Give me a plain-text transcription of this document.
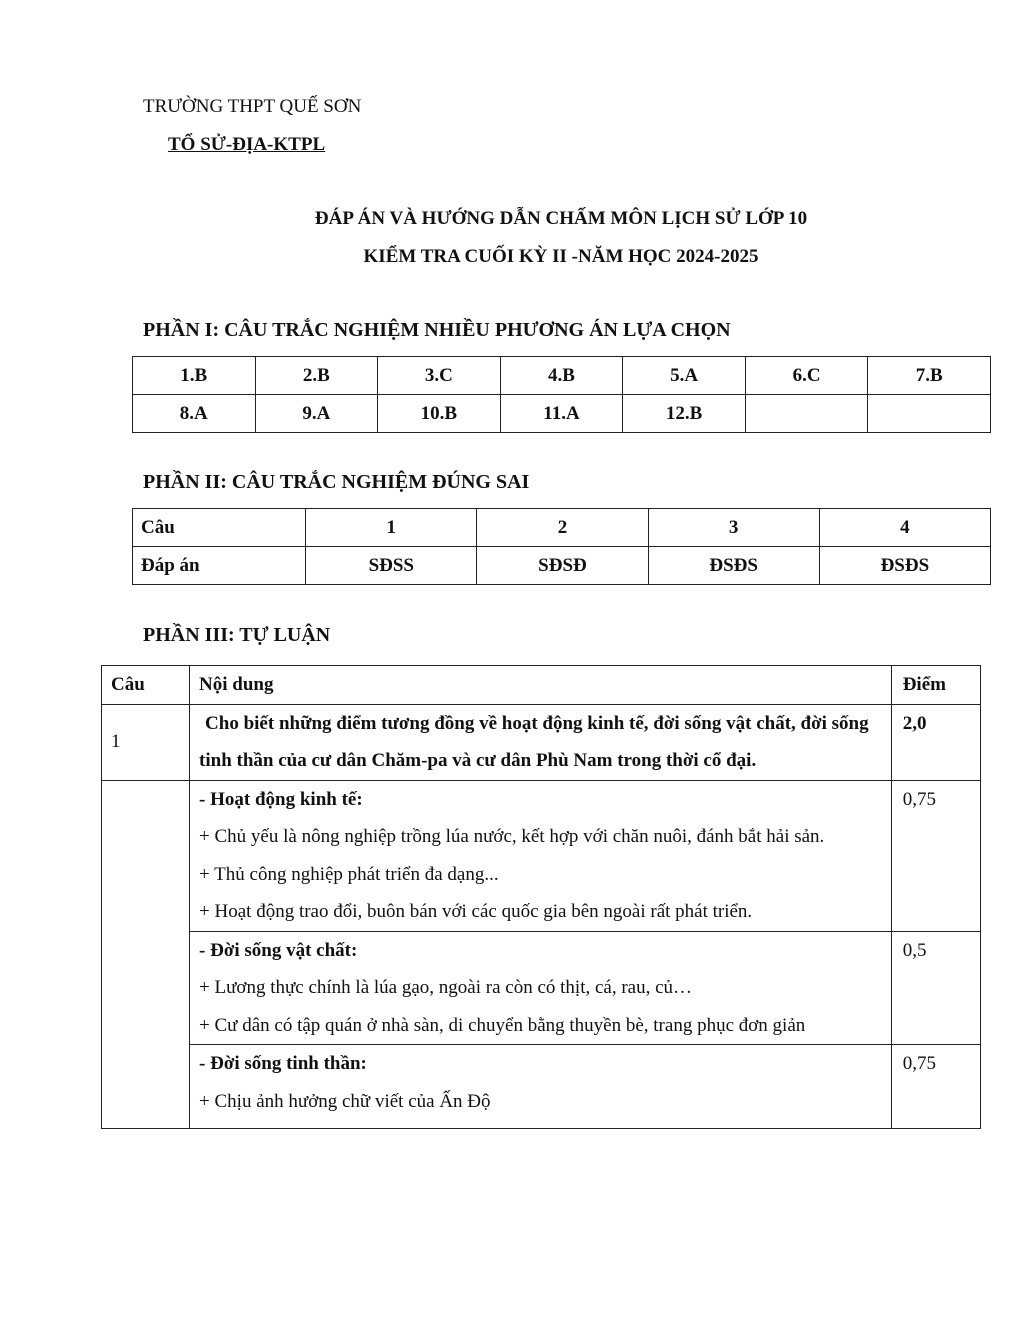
TRƯỜNG THPT QUẾ SƠN
TỔ SỬ-ĐỊA-KTPL
ĐÁP ÁN VÀ HƯỚNG DẪN CHẤM MÔN LỊCH SỬ LỚP 10
KIỂM TRA CUỐI KỲ II -NĂM HỌC 2024-2025
PHẦN I: CÂU TRẮC NGHIỆM NHIỀU PHƯƠNG ÁN LỰA CHỌN
1.B	2.B	3.C	4.B	5.A	6.C	7.B
8.A	9.A	10.B	11.A	12.B		
PHẦN II: CÂU TRẮC NGHIỆM ĐÚNG SAI
Câu	1	2	3	4
Đáp án	SĐSS	SĐSĐ	ĐSĐS	ĐSĐS
PHẦN III: TỰ LUẬN
Câu	Nội dung	Điểm
1	Cho biết những điểm tương đồng về hoạt động kinh tế, đời sống vật chất, đời sống tinh thần của cư dân Chăm-pa và cư dân Phù Nam trong thời cổ đại.	2,0

	- Hoạt động kinh tế:
+ Chủ yếu là nông nghiệp trồng lúa nước, kết hợp với chăn nuôi, đánh bắt hải sản.
+ Thủ công nghiệp phát triển đa dạng...
+ Hoạt động trao đổi, buôn bán với các quốc gia bên ngoài rất phát triển.	0,75

	- Đời sống vật chất:
+ Lương thực chính là lúa gạo, ngoài ra còn có thịt, cá, rau, củ…
+ Cư dân có tập quán ở nhà sàn, di chuyển bằng thuyền bè, trang phục đơn giản	0,5

	- Đời sống tinh thần:
+ Chịu ảnh hưởng chữ viết của Ấn Độ	0,75
